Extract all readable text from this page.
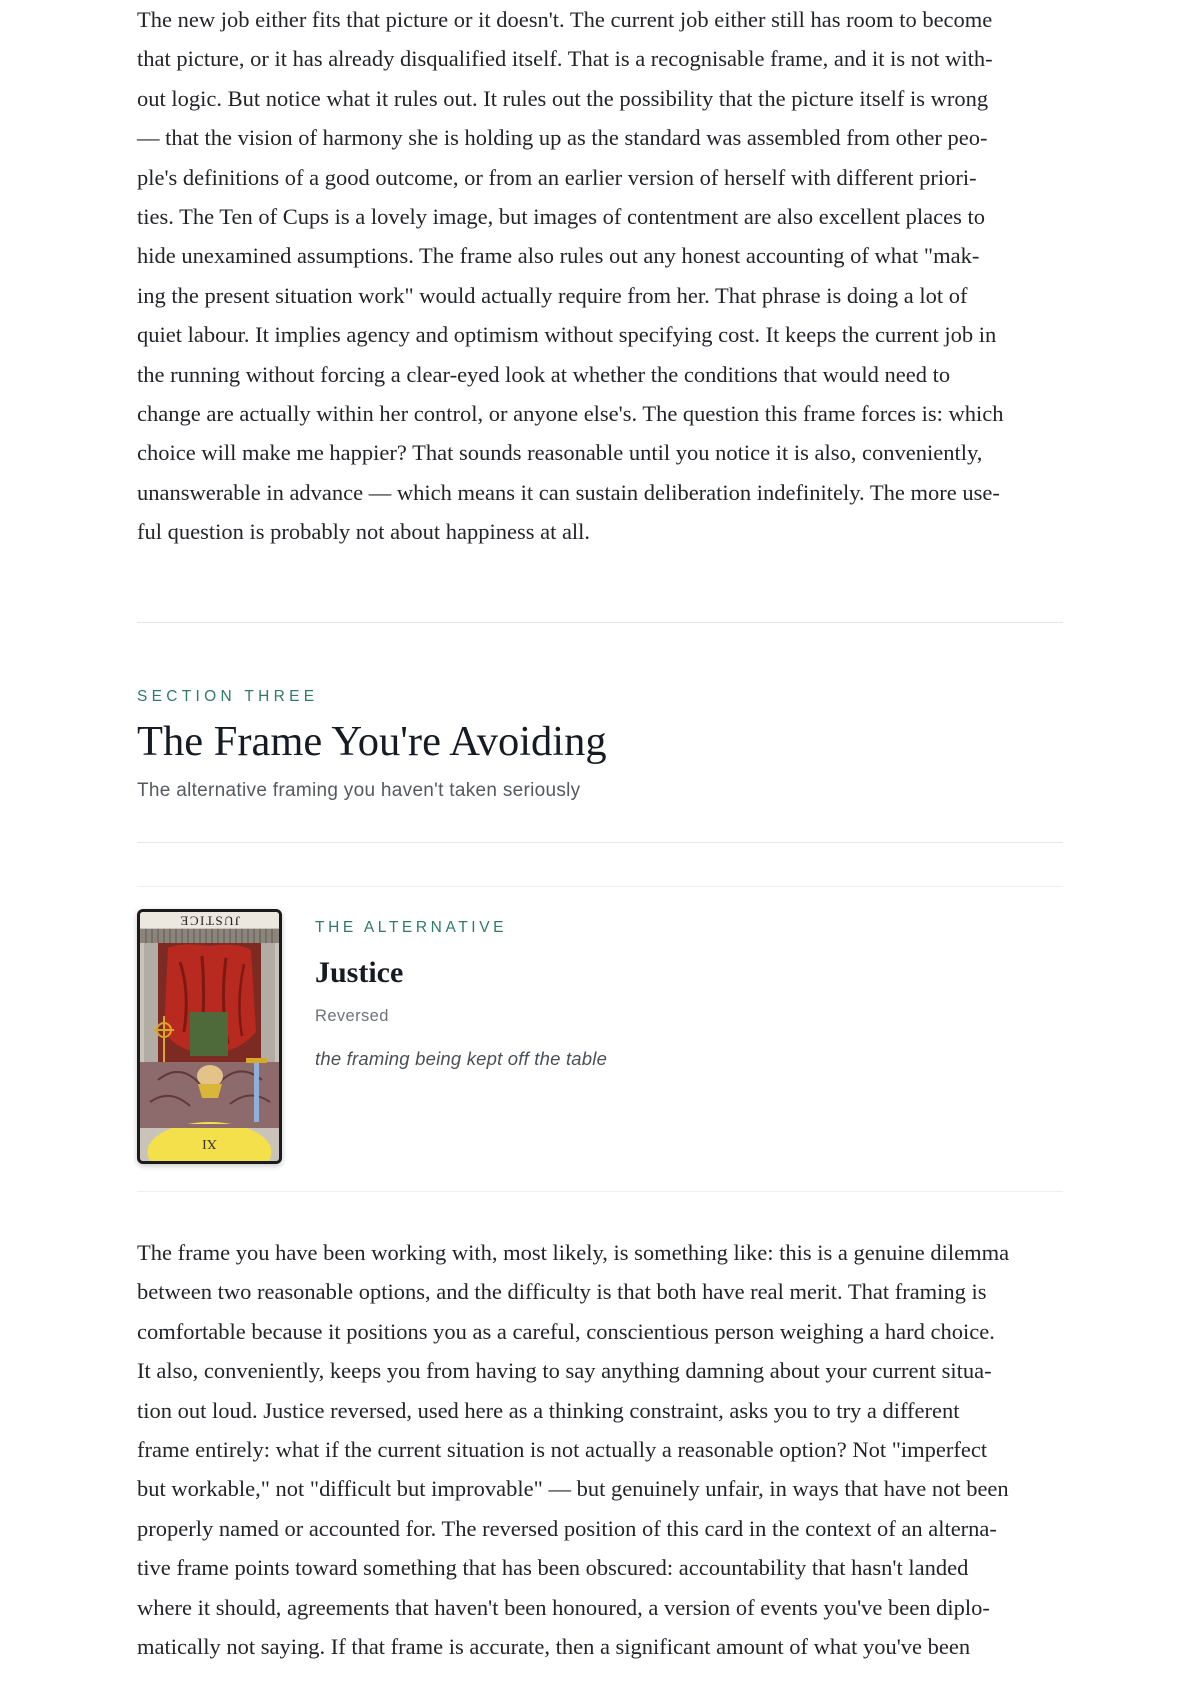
The new job either fits that picture or it doesn't. The current job either still has room to become
that picture, or it has already disqualified itself. That is a recognisable frame, and it is not with-
out logic. But notice what it rules out. It rules out the possibility that the picture itself is wrong
— that the vision of harmony she is holding up as the standard was assembled from other peo-
ple's definitions of a good outcome, or from an earlier version of herself with different priori-
ties. The Ten of Cups is a lovely image, but images of contentment are also excellent places to
hide unexamined assumptions. The frame also rules out any honest accounting of what "mak-
ing the present situation work" would actually require from her. That phrase is doing a lot of
quiet labour. It implies agency and optimism without specifying cost. It keeps the current job in
the running without forcing a clear-eyed look at whether the conditions that would need to
change are actually within her control, or anyone else's. The question this frame forces is: which
choice will make me happier? That sounds reasonable until you notice it is also, conveniently,
unanswerable in advance — which means it can sustain deliberation indefinitely. The more use-
ful question is probably not about happiness at all.
SECTION THREE
The Frame You're Avoiding
The alternative framing you haven't taken seriously
JUSTICE
XI
THE ALTERNATIVE
Justice
Reversed
the framing being kept off the table
The frame you have been working with, most likely, is something like: this is a genuine dilemma
between two reasonable options, and the difficulty is that both have real merit. That framing is
comfortable because it positions you as a careful, conscientious person weighing a hard choice.
It also, conveniently, keeps you from having to say anything damning about your current situa-
tion out loud. Justice reversed, used here as a thinking constraint, asks you to try a different
frame entirely: what if the current situation is not actually a reasonable option? Not "imperfect
but workable," not "difficult but improvable" — but genuinely unfair, in ways that have not been
properly named or accounted for. The reversed position of this card in the context of an alterna-
tive frame points toward something that has been obscured: accountability that hasn't landed
where it should, agreements that haven't been honoured, a version of events you've been diplo-
matically not saying. If that frame is accurate, then a significant amount of what you've been
